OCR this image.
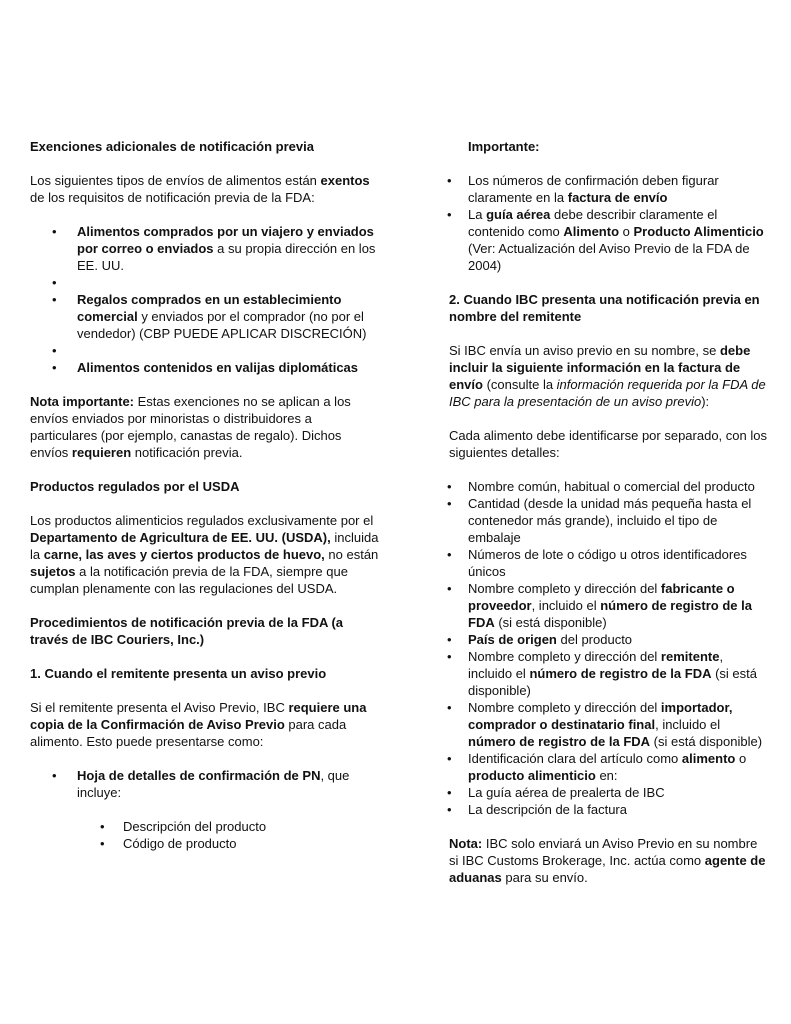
Exenciones adicionales de notificación previa

Los siguientes tipos de envíos de alimentos están exentos de los requisitos de notificación previa de la FDA:

• Alimentos comprados por un viajero y enviados por correo o enviados a su propia dirección en los EE. UU.
•
• Regalos comprados en un establecimiento comercial y enviados por el comprador (no por el vendedor) (CBP PUEDE APLICAR DISCRECIÓN)
•
• Alimentos contenidos en valijas diplomáticas

Nota importante: Estas exenciones no se aplican a los envíos enviados por minoristas o distribuidores a particulares (por ejemplo, canastas de regalo). Dichos envíos requieren notificación previa.

Productos regulados por el USDA

Los productos alimenticios regulados exclusivamente por el Departamento de Agricultura de EE. UU. (USDA), incluida la carne, las aves y ciertos productos de huevo, no están sujetos a la notificación previa de la FDA, siempre que cumplan plenamente con las regulaciones del USDA.

Procedimientos de notificación previa de la FDA (a través de IBC Couriers, Inc.)

1. Cuando el remitente presenta un aviso previo

Si el remitente presenta el Aviso Previo, IBC requiere una copia de la Confirmación de Aviso Previo para cada alimento. Esto puede presentarse como:

• Hoja de detalles de confirmación de PN, que incluye:
• Descripción del producto
• Código de producto

Importante:

• Los números de confirmación deben figurar claramente en la factura de envío
• La guía aérea debe describir claramente el contenido como Alimento o Producto Alimenticio (Ver: Actualización del Aviso Previo de la FDA de 2004)

2. Cuando IBC presenta una notificación previa en nombre del remitente

Si IBC envía un aviso previo en su nombre, se debe incluir la siguiente información en la factura de envío (consulte la información requerida por la FDA de IBC para la presentación de un aviso previo):

Cada alimento debe identificarse por separado, con los siguientes detalles:

• Nombre común, habitual o comercial del producto
• Cantidad (desde la unidad más pequeña hasta el contenedor más grande), incluido el tipo de embalaje
• Números de lote o código u otros identificadores únicos
• Nombre completo y dirección del fabricante o proveedor, incluido el número de registro de la FDA (si está disponible)
• País de origen del producto
• Nombre completo y dirección del remitente, incluido el número de registro de la FDA (si está disponible)
• Nombre completo y dirección del importador, comprador o destinatario final, incluido el número de registro de la FDA (si está disponible)
• Identificación clara del artículo como alimento o producto alimenticio en:
• La guía aérea de prealerta de IBC
• La descripción de la factura

Nota: IBC solo enviará un Aviso Previo en su nombre si IBC Customs Brokerage, Inc. actúa como agente de aduanas para su envío.
